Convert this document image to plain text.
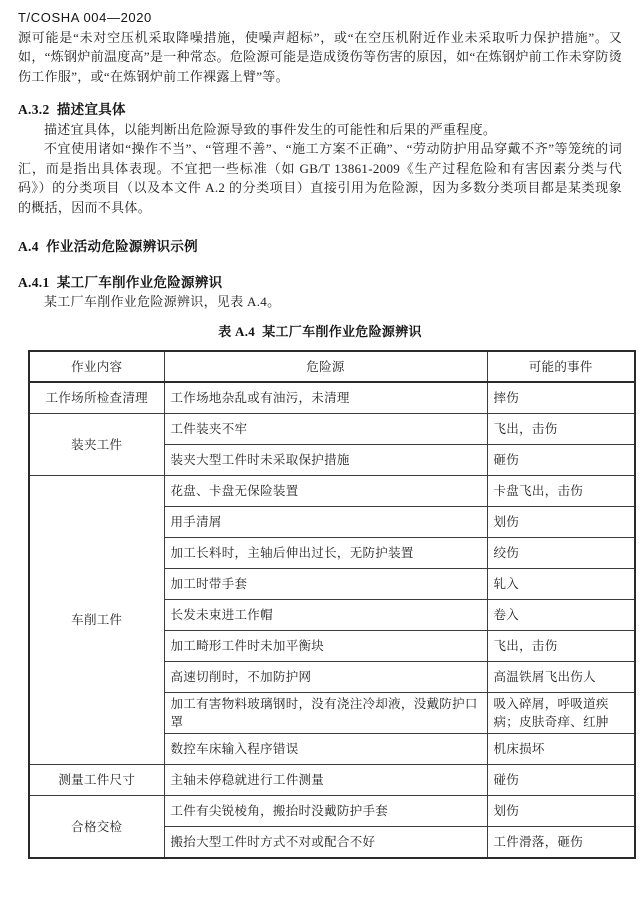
T/COSHA 004—2020

源可能是“未对空压机采取降噪措施，使噪声超标”，或“在空压机附近作业未采取听力保护措施”。又如，“炼钢炉前温度高”是一种常态。危险源可能是造成烫伤等伤害的原因，如“在炼钢炉前工作未穿防烫伤工作服”，或“在炼钢炉前工作裸露上臂”等。

A.3.2  描述宜具体

描述宜具体，以能判断出危险源导致的事件发生的可能性和后果的严重程度。

不宜使用诸如“操作不当”、“管理不善”、“施工方案不正确”、“劳动防护用品穿戴不齐”等笼统的词汇，而是指出具体表现。不宜把一些标准（如 GB/T 13861-2009《生产过程危险和有害因素分类与代码》）的分类项目（以及本文件 A.2 的分类项目）直接引用为危险源，因为多数分类项目都是某类现象的概括，因而不具体。

A.4  作业活动危险源辨识示例

A.4.1  某工厂车削作业危险源辨识

某工厂车削作业危险源辨识，见表 A.4。

表 A.4  某工厂车削作业危险源辨识

作业内容	危险源	可能的事件
工作场所检查清理	工作场地杂乱或有油污，未清理	摔伤
装夹工件	工件装夹不牢	飞出，击伤
	装夹大型工件时未采取保护措施	砸伤
车削工件	花盘、卡盘无保险装置	卡盘飞出，击伤
	用手清屑	划伤
	加工长料时，主轴后伸出过长，无防护装置	绞伤
	加工时带手套	轧入
	长发未束进工作帽	卷入
	加工畸形工件时未加平衡块	飞出，击伤
	高速切削时，不加防护网	高温铁屑飞出伤人
	加工有害物料玻璃钢时，没有浇注冷却液，没戴防护口罩	吸入碎屑，呼吸道疾病；皮肤奇痒、红肿
	数控车床输入程序错误	机床损坏
测量工件尺寸	主轴未停稳就进行工件测量	碰伤
合格交检	工件有尖锐棱角，搬抬时没戴防护手套	划伤
	搬抬大型工件时方式不对或配合不好	工件滑落，砸伤
